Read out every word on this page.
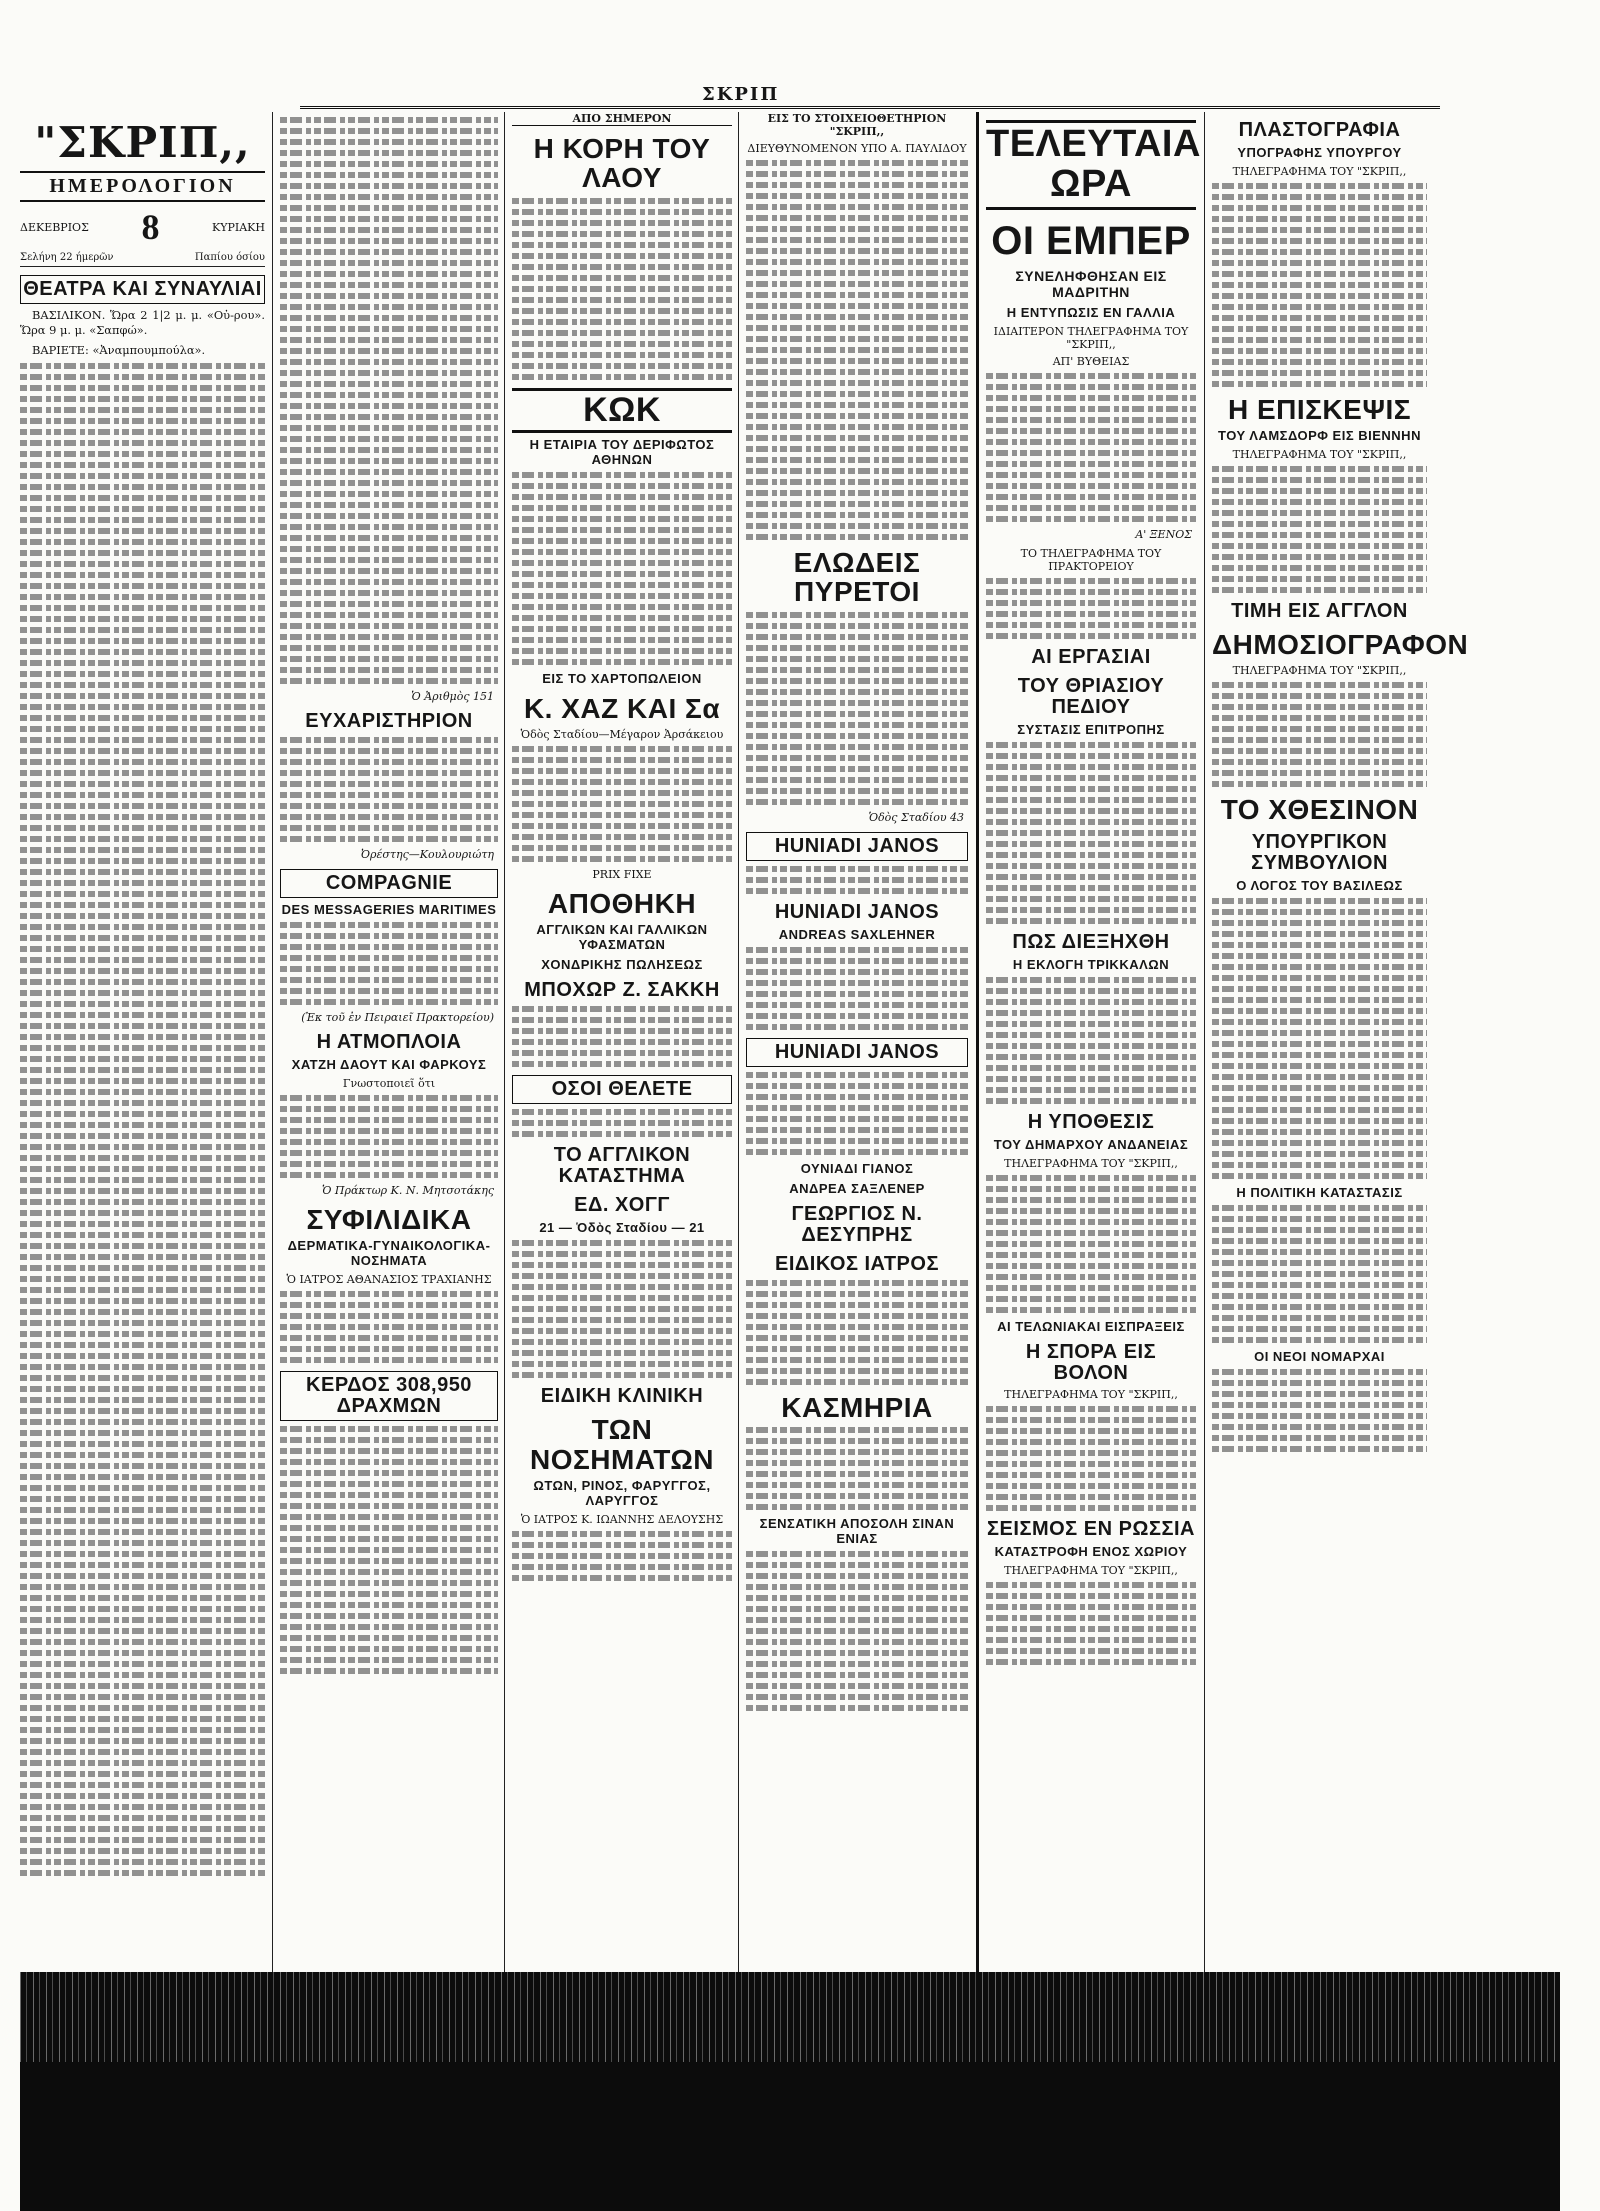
ΣΚΡΙΠ
"ΣΚΡΙΠ,,
ΗΜΕΡΟΛΟΓΙΟΝ
ΔΕΚΕΒΡΙΟΣ 8	ΚΥΡΙΑΚΗ
Σελήνη 22 ήμερῶν	Παπίου όσίου
ΘΕΑΤΡΑ ΚΑΙ ΣΥΝΑΥΛΙΑΙ

ΒΑΣΙΛΙΚΟΝ. Ὥρα 2 1|2 μ. μ. «Οὐ-ρου». Ὥρα 9 μ. μ. «Σαπφώ».

ΒΑΡΙΕΤΕ: «Ἀναμπουμπούλα».

Ὁ Ἀριθμὸς 151
ΕΥΧΑΡΙΣΤΗΡΙΟΝ
Ὀρέστης—Κουλουριώτη
COMPAGNIE
DES MESSAGERIES MARITIMES
(Ἐκ τοῦ ἐν Πειραιεῖ Πρακτορείου)
Η ΑΤΜΟΠΛΟΙΑ
ΧΑΤΖΗ ΔΑΟΥΤ ΚΑΙ ΦΑΡΚΟΥΣ
Γνωστοποιεῖ ὅτι
Ὁ Πράκτωρ Κ. Ν. Μητσοτάκης
ΣΥΦΙΛΙΔΙΚΑ
ΔΕΡΜΑΤΙΚΑ-ΓΥΝΑΙΚΟΛΟΓΙΚΑ-ΝΟΣΗΜΑΤΑ
Ὁ ΙΑΤΡΟΣ ΑΘΑΝΑΣΙΟΣ ΤΡΑΧΙΑΝΗΣ
ΚΕΡΔΟΣ 308,950 ΔΡΑΧΜΩΝ
ΑΠΟ ΣΗΜΕΡΟΝ
Η ΚΟΡΗ ΤΟΥ ΛΑΟΥ
ΚΩΚ
Η ΕΤΑΙΡΙΑ ΤΟΥ ΔΕΡΙΦΩΤΟΣ ΑΘΗΝΩΝ
ΕΙΣ ΤΟ ΧΑΡΤΟΠΩΛΕΙΟΝ
Κ. ΧΑΖ ΚΑΙ Σα
Ὁδὸς Σταδίου—Μέγαρον Ἀρσάκειου
PRIX FIXE
ΑΠΟΘΗΚΗ
ΑΓΓΛΙΚΩΝ ΚΑΙ ΓΑΛΛΙΚΩΝ ΥΦΑΣΜΑΤΩΝ
ΧΟΝΔΡΙΚΗΣ ΠΩΛΗΣΕΩΣ
ΜΠΟΧΩΡ Ζ. ΣΑΚΚΗ
ΟΣΟΙ ΘΕΛΕΤΕ
ΤΟ ΑΓΓΛΙΚΟΝ ΚΑΤΑΣΤΗΜΑ
ΕΔ. ΧΟΓΓ
21 — Ὁδὸς Σταδίου — 21
ΕΙΔΙΚΗ ΚΛΙΝΙΚΗ
ΤΩΝ ΝΟΣΗΜΑΤΩΝ
ΩΤΩΝ, ΡΙΝΟΣ, ΦΑΡΥΓΓΟΣ, ΛΑΡΥΓΓΟΣ
Ὁ ΙΑΤΡΟΣ Κ. ΙΩΑΝΝΗΣ ΔΕΛΟΥΣΗΣ
ΕΙΣ ΤΟ ΣΤΟΙΧΕΙΟΘΕΤΗΡΙΟΝ "ΣΚΡΙΠ,,
ΔΙΕΥΘΥΝΟΜΕΝΟΝ ΥΠΟ Α. ΠΑΥΛΙΔΟΥ
ΕΛΩΔΕΙΣ ΠΥΡΕΤΟΙ
Ὁδὸς Σταδίου 43
HUNIADI JANOS
HUNIADI JANOS
ANDREAS SAXLEHNER
HUNIADI JANOS
ΟΥΝΙΑΔΙ ΓΙΑΝΟΣ
ΑΝΔΡΕΑ ΣΑΞΛΕΝΕΡ
ΓΕΩΡΓΙΟΣ Ν. ΔΕΣΥΠΡΗΣ
ΕΙΔΙΚΟΣ ΙΑΤΡΟΣ
ΚΑΣΜΗΡΙΑ
ΣΕΝΣΑΤΙΚΗ ΑΠΟΣΟΛΗ ΣΙΝΑΝ ΕΝΙΑΣ
ΤΕΛΕΥΤΑΙΑ ΩΡΑ
ΟΙ ΕΜΠΕΡ
ΣΥΝΕΛΗΦΘΗΣΑΝ ΕΙΣ ΜΑΔΡΙΤΗΝ
Η ΕΝΤΥΠΩΣΙΣ ΕΝ ΓΑΛΛΙΑ
ΙΔΙΑΙΤΕΡΟΝ ΤΗΛΕΓΡΑΦΗΜΑ ΤΟΥ "ΣΚΡΙΠ,,
ΑΠ' ΒΥΘΕΙΑΣ
Α' ΞΕΝΟΣ
ΤΟ ΤΗΛΕΓΡΑΦΗΜΑ ΤΟΥ ΠΡΑΚΤΟΡΕΙΟΥ
ΑΙ ΕΡΓΑΣΙΑΙ
ΤΟΥ ΘΡΙΑΣΙΟΥ ΠΕΔΙΟΥ
ΣΥΣΤΑΣΙΣ ΕΠΙΤΡΟΠΗΣ
ΠΩΣ ΔΙΕΞΗΧΘΗ
Η ΕΚΛΟΓΗ ΤΡΙΚΚΑΛΩΝ
Η ΥΠΟΘΕΣΙΣ
ΤΟΥ ΔΗΜΑΡΧΟΥ ΑΝΔΑΝΕΙΑΣ
ΤΗΛΕΓΡΑΦΗΜΑ ΤΟΥ "ΣΚΡΙΠ,,
ΑΙ ΤΕΛΩΝΙΑΚΑΙ ΕΙΣΠΡΑΞΕΙΣ
Η ΣΠΟΡΑ ΕΙΣ ΒΟΛΟΝ
ΤΗΛΕΓΡΑΦΗΜΑ ΤΟΥ "ΣΚΡΙΠ,,
ΣΕΙΣΜΟΣ ΕΝ ΡΩΣΣΙΑ
ΚΑΤΑΣΤΡΟΦΗ ΕΝΟΣ ΧΩΡΙΟΥ
ΤΗΛΕΓΡΑΦΗΜΑ ΤΟΥ "ΣΚΡΙΠ,,
ΠΛΑΣΤΟΓΡΑΦΙΑ
ΥΠΟΓΡΑΦΗΣ ΥΠΟΥΡΓΟΥ
ΤΗΛΕΓΡΑΦΗΜΑ ΤΟΥ "ΣΚΡΙΠ,,
Η ΕΠΙΣΚΕΨΙΣ
ΤΟΥ ΛΑΜΣΔΟΡΦ ΕΙΣ ΒΙΕΝΝΗΝ
ΤΗΛΕΓΡΑΦΗΜΑ ΤΟΥ "ΣΚΡΙΠ,,
ΤΙΜΗ ΕΙΣ ΑΓΓΛΟΝ
ΔΗΜΟΣΙΟΓΡΑΦΟΝ
ΤΗΛΕΓΡΑΦΗΜΑ ΤΟΥ "ΣΚΡΙΠ,,
ΤΟ ΧΘΕΣΙΝΟΝ
ΥΠΟΥΡΓΙΚΟΝ ΣΥΜΒΟΥΛΙΟΝ
Ο ΛΟΓΟΣ ΤΟΥ ΒΑΣΙΛΕΩΣ
Η ΠΟΛΙΤΙΚΗ ΚΑΤΑΣΤΑΣΙΣ
ΟΙ ΝΕΟΙ ΝΟΜΑΡΧΑΙ
